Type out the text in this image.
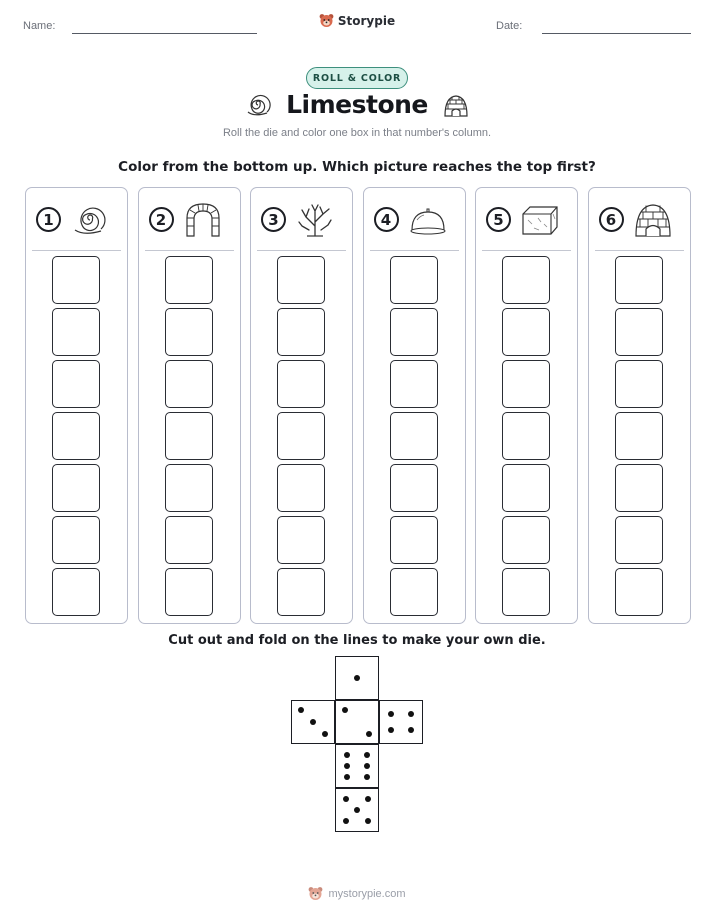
Name:	Storypie	Date:
ROLL & COLOR
Limestone
Roll the die and color one box in that number's column.
Color from the bottom up. Which picture reaches the top first?
1	2	3	4	5	6
Cut out and fold on the lines to make your own die.
mystorypie.com
